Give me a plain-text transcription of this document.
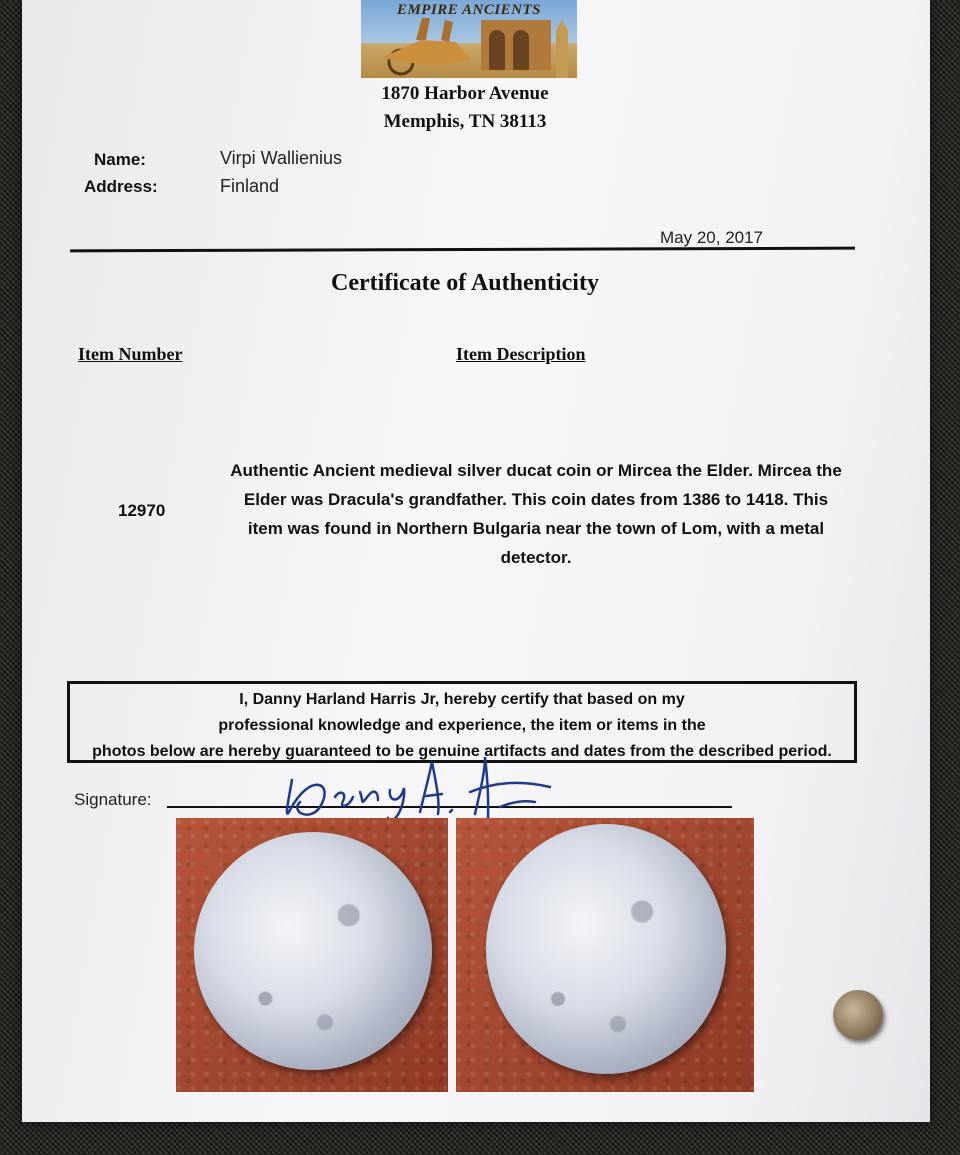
EMPIRE ANCIENTS
1870 Harbor Avenue
Memphis, TN 38113
Name:	Virpi Wallienius
Address:	Finland
May 20, 2017
Certificate of Authenticity
Item Number	Item Description
12970
Authentic Ancient medieval silver ducat coin or Mircea the Elder. Mircea the Elder was Dracula's grandfather. This coin dates from 1386 to 1418. This item was found in Northern Bulgaria near the town of Lom, with a metal detector.
I, Danny Harland Harris Jr, hereby certify that based on my
professional knowledge and experience, the item or items in the
photos below are hereby guaranteed to be genuine artifacts and dates from the described period.
Signature:
